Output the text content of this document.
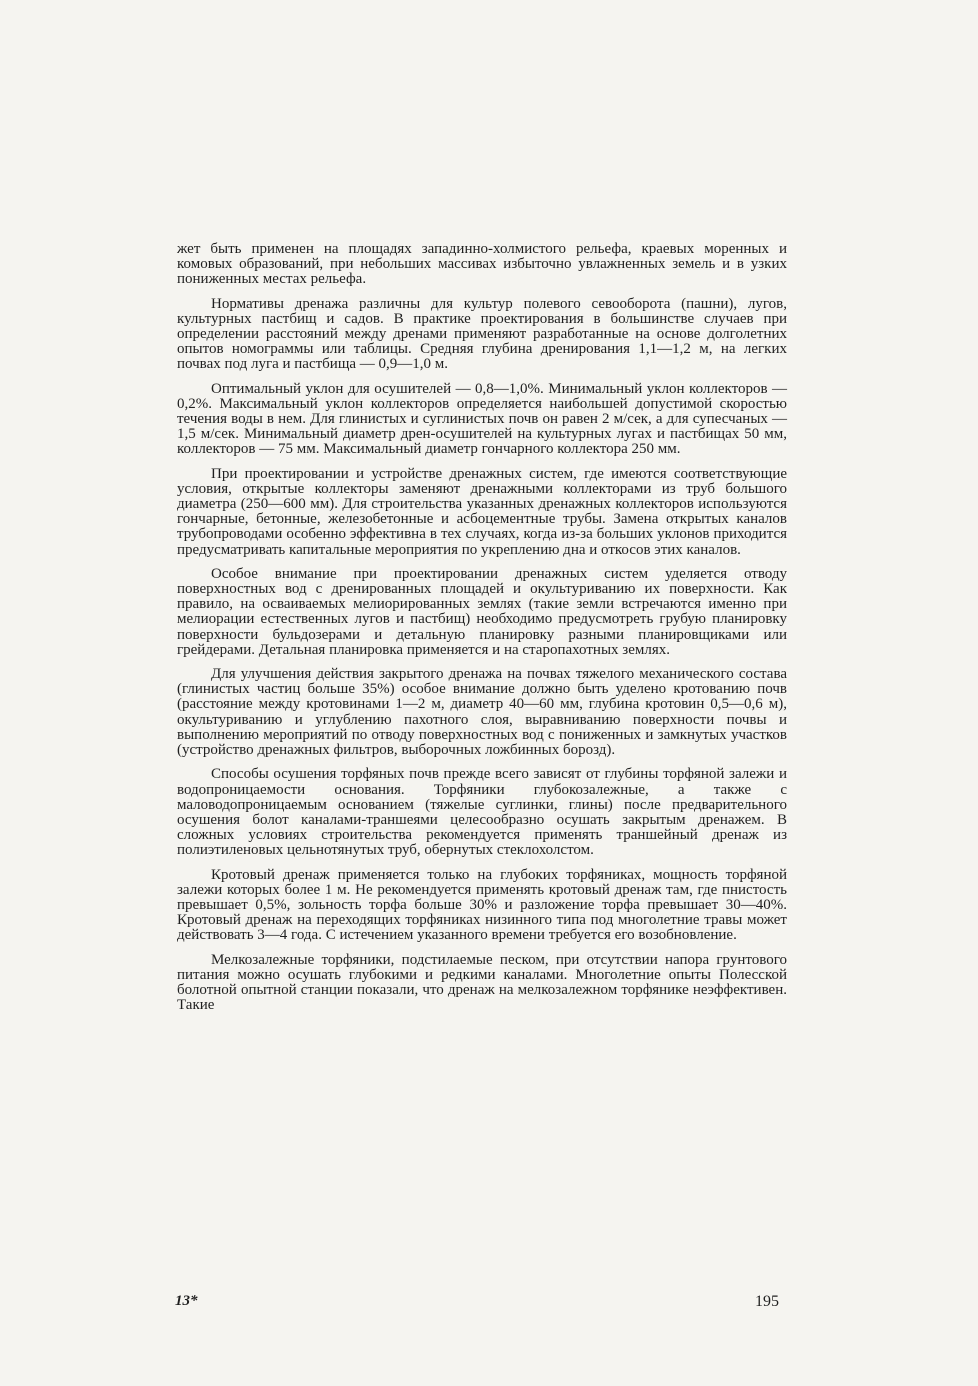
жет быть применен на площадях западинно-холмистого рельефа, краевых моренных и комовых образований, при небольших массивах избыточно увлажненных земель и в узких пониженных местах рельефа.

Нормативы дренажа различны для культур полевого севооборота (пашни), лугов, культурных пастбищ и садов. В практике проектирования в большинстве случаев при определении расстояний между дренами применяют разработанные на основе долголетних опытов номограммы или таблицы. Средняя глубина дренирования 1,1—1,2 м, на легких почвах под луга и пастбища — 0,9—1,0 м.

Оптимальный уклон для осушителей — 0,8—1,0%. Минимальный уклон коллекторов — 0,2%. Максимальный уклон коллекторов определяется наибольшей допустимой скоростью течения воды в нем. Для глинистых и суглинистых почв он равен 2 м/сек, а для супесчаных — 1,5 м/сек. Минимальный диаметр дрен-осушителей на культурных лугах и пастбищах 50 мм, коллекторов — 75 мм. Максимальный диаметр гончарного коллектора 250 мм.

При проектировании и устройстве дренажных систем, где имеются соответствующие условия, открытые коллекторы заменяют дренажными коллекторами из труб большого диаметра (250—600 мм). Для строительства указанных дренажных коллекторов используются гончарные, бетонные, железобетонные и асбоцементные трубы. Замена открытых каналов трубопроводами особенно эффективна в тех случаях, когда из-за больших уклонов приходится предусматривать капитальные мероприятия по укреплению дна и откосов этих каналов.

Особое внимание при проектировании дренажных систем уделяется отводу поверхностных вод с дренированных площадей и окультуриванию их поверхности. Как правило, на осваиваемых мелиорированных землях (такие земли встречаются именно при мелиорации естественных лугов и пастбищ) необходимо предусмотреть грубую планировку поверхности бульдозерами и детальную планировку разными планировщиками или грейдерами. Детальная планировка применяется и на старопахотных землях.

Для улучшения действия закрытого дренажа на почвах тяжелого механического состава (глинистых частиц больше 35%) особое внимание должно быть уделено кротованию почв (расстояние между кротовинами 1—2 м, диаметр 40—60 мм, глубина кротовин 0,5—0,6 м), окультуриванию и углублению пахотного слоя, выравниванию поверхности почвы и выполнению мероприятий по отводу поверхностных вод с пониженных и замкнутых участков (устройство дренажных фильтров, выборочных ложбинных борозд).

Способы осушения торфяных почв прежде всего зависят от глубины торфяной залежи и водопроницаемости основания. Торфяники глубокозалежные, а также с маловодопроницаемым основанием (тяжелые суглинки, глины) после предварительного осушения болот каналами-траншеями целесообразно осушать закрытым дренажем. В сложных условиях строительства рекомендуется применять траншейный дренаж из полиэтиленовых цельнотянутых труб, обернутых стеклохолстом.

Кротовый дренаж применяется только на глубоких торфяниках, мощность торфяной залежи которых более 1 м. Не рекомендуется применять кротовый дренаж там, где пнистость превышает 0,5%, зольность торфа больше 30% и разложение торфа превышает 30—40%. Кротовый дренаж на переходящих торфяниках низинного типа под многолетние травы может действовать 3—4 года. С истечением указанного времени требуется его возобновление.

Мелкозалежные торфяники, подстилаемые песком, при отсутствии напора грунтового питания можно осушать глубокими и редкими каналами. Многолетние опыты Полесской болотной опытной станции показали, что дренаж на мелкозалежном торфянике неэффективен. Такие

13*	195
